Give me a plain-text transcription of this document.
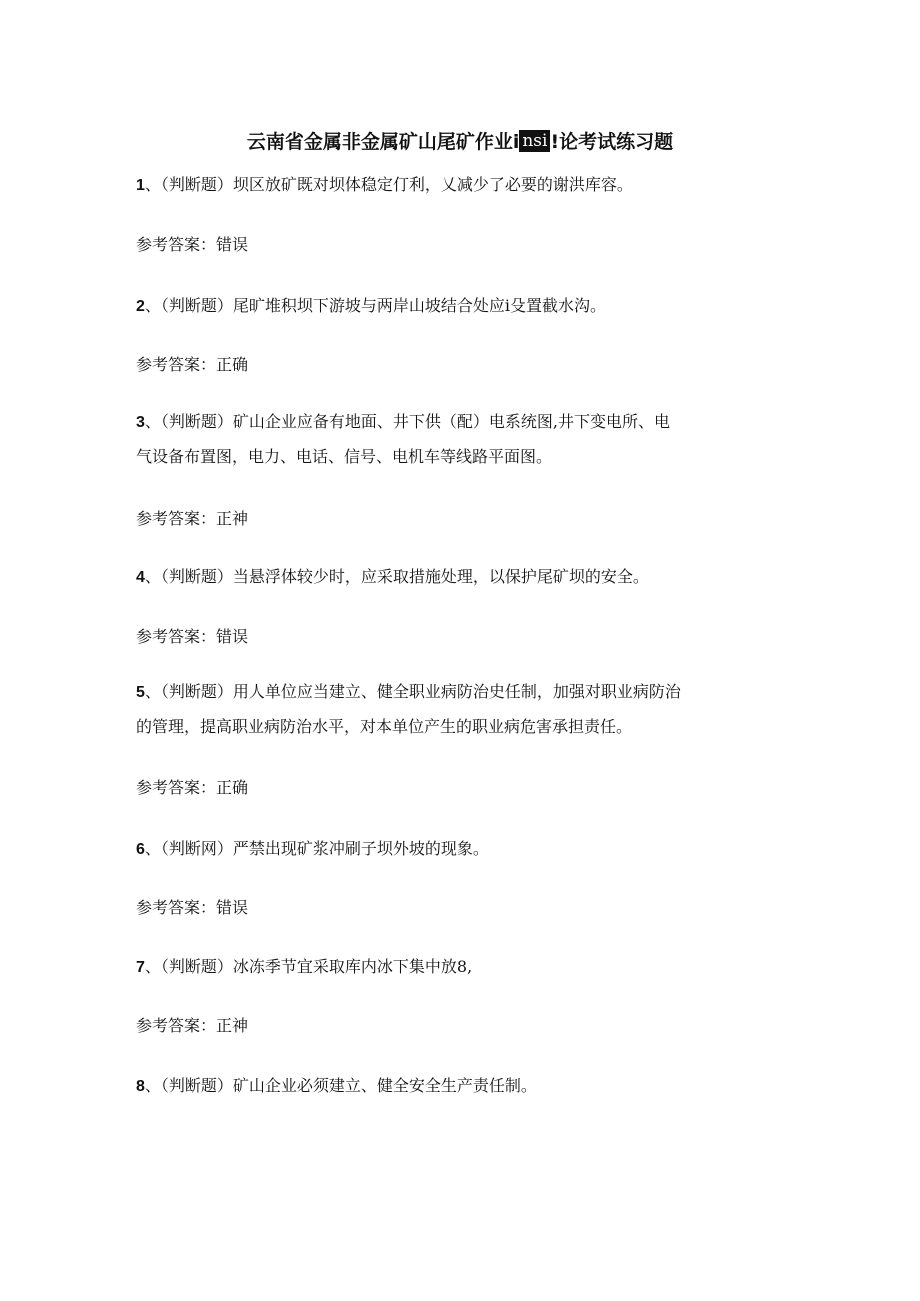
云南省金属非金属矿山尾矿作业i nsi !论考试练习题
1、（判断题）坝区放矿既对坝体稳定仃利，乂减少了必要的谢洪库容。
参考答案：错误
2、（判断题）尾旷堆积坝下游坡与两岸山坡结合处应i殳置截水沟。
参考答案：正确
3、（判断题）矿山企业应备有地面、井下供（配）电系统图,井下变电所、电
气设备布置图，电力、电话、信号、电机车等线路平面图。
参考答案：正神
4、（判断题）当悬浮体较少时，应采取措施处理，以保护尾矿坝的安全。
参考答案：错误
5、（判断题）用人单位应当建立、健全职业病防治史任制，加强对职业病防治
的管理，提高职业病防治水平，对本单位产生的职业病危害承担责任。
参考答案：正确
6、（判断网）严禁出现矿浆冲刷子坝外坡的现象。
参考答案：错误
7、（判断题）冰冻季节宜采取库内冰下集中放8,
参考答案：正神
8、（判断题）矿山企业必须建立、健全安全生产责任制。
